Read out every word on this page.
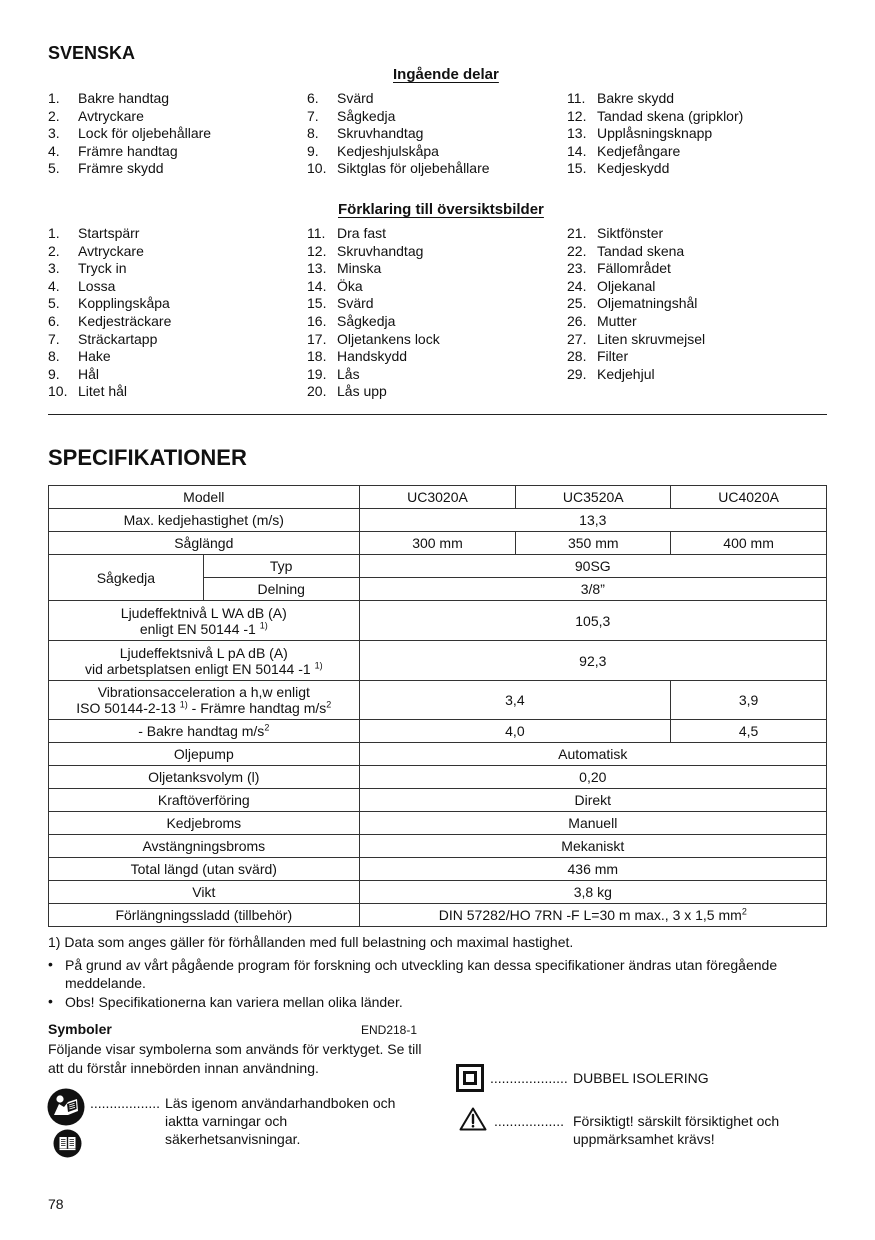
SVENSKA
Ingående delar
1. Bakre handtag
2. Avtryckare
3. Lock för oljebehållare
4. Främre handtag
5. Främre skydd
6. Svärd
7. Sågkedja
8. Skruvhandtag
9. Kedjeshjulskåpa
10. Siktglas för oljebehållare
11. Bakre skydd
12. Tandad skena (gripklor)
13. Upplåsningsknapp
14. Kedjefångare
15. Kedjeskydd
Förklaring till översiktsbilder
1. Startspärr
2. Avtryckare
3. Tryck in
4. Lossa
5. Kopplingskåpa
6. Kedjesträckare
7. Sträckartapp
8. Hake
9. Hål
10. Litet hål
11. Dra fast
12. Skruvhandtag
13. Minska
14. Öka
15. Svärd
16. Sågkedja
17. Oljetankens lock
18. Handskydd
19. Lås
20. Lås upp
21. Siktfönster
22. Tandad skena
23. Fällområdet
24. Oljekanal
25. Oljematningshål
26. Mutter
27. Liten skruvmejsel
28. Filter
29. Kedjehjul
SPECIFIKATIONER
Modell		UC3020A	UC3520A	UC4020A
Max. kedjehastighet (m/s)		13,3		
Såglängd		300 mm	350 mm	400 mm
Sågkedja	Typ	90SG		
	Delning	3/8”		
Ljudeffektnivå L WA dB (A)
enligt EN 50144 -1 $^{1)}$		105,3		
Ljudeffektsnivå L pA dB (A)
vid arbetsplatsen enligt EN 50144 -1 $^{1)}$		92,3		
Vibrationsacceleration a h,w enligt
ISO 50144-2-13 $^{1)}$ - Främre handtag $m/s^2$		3,4		3,9
- Bakre handtag $m/s^2$		4,0		4,5
Oljepump		Automatisk		
Oljetanksvolym (l)		0,20		
Kraftöverföring		Direkt		
Kedjebroms		Manuell		
Avstängningsbroms		Mekaniskt		
Total längd (utan svärd)		436 mm		
Vikt		3,8 kg		
Förlängningssladd (tillbehör)		DIN 57282/HO 7RN -F L=30 m max., 3 x 1,5 $mm^2$
1) Data som anges gäller för förhållanden med full belastning och maximal hastighet.
• På grund av vårt pågående program för forskning och utveckling kan dessa specifikationer ändras utan föregående meddelande.
• Obs! Specifikationerna kan variera mellan olika länder.
Symboler	END218-1
Följande visar symbolerna som används för verktyget. Se till att du förstår innebörden innan användning.
.................. Läs igenom användarhandboken och iaktta varningar och säkerhetsanvisningar.
.................... DUBBEL ISOLERING
.................. Försiktigt! särskilt försiktighet och uppmärksamhet krävs!
78
